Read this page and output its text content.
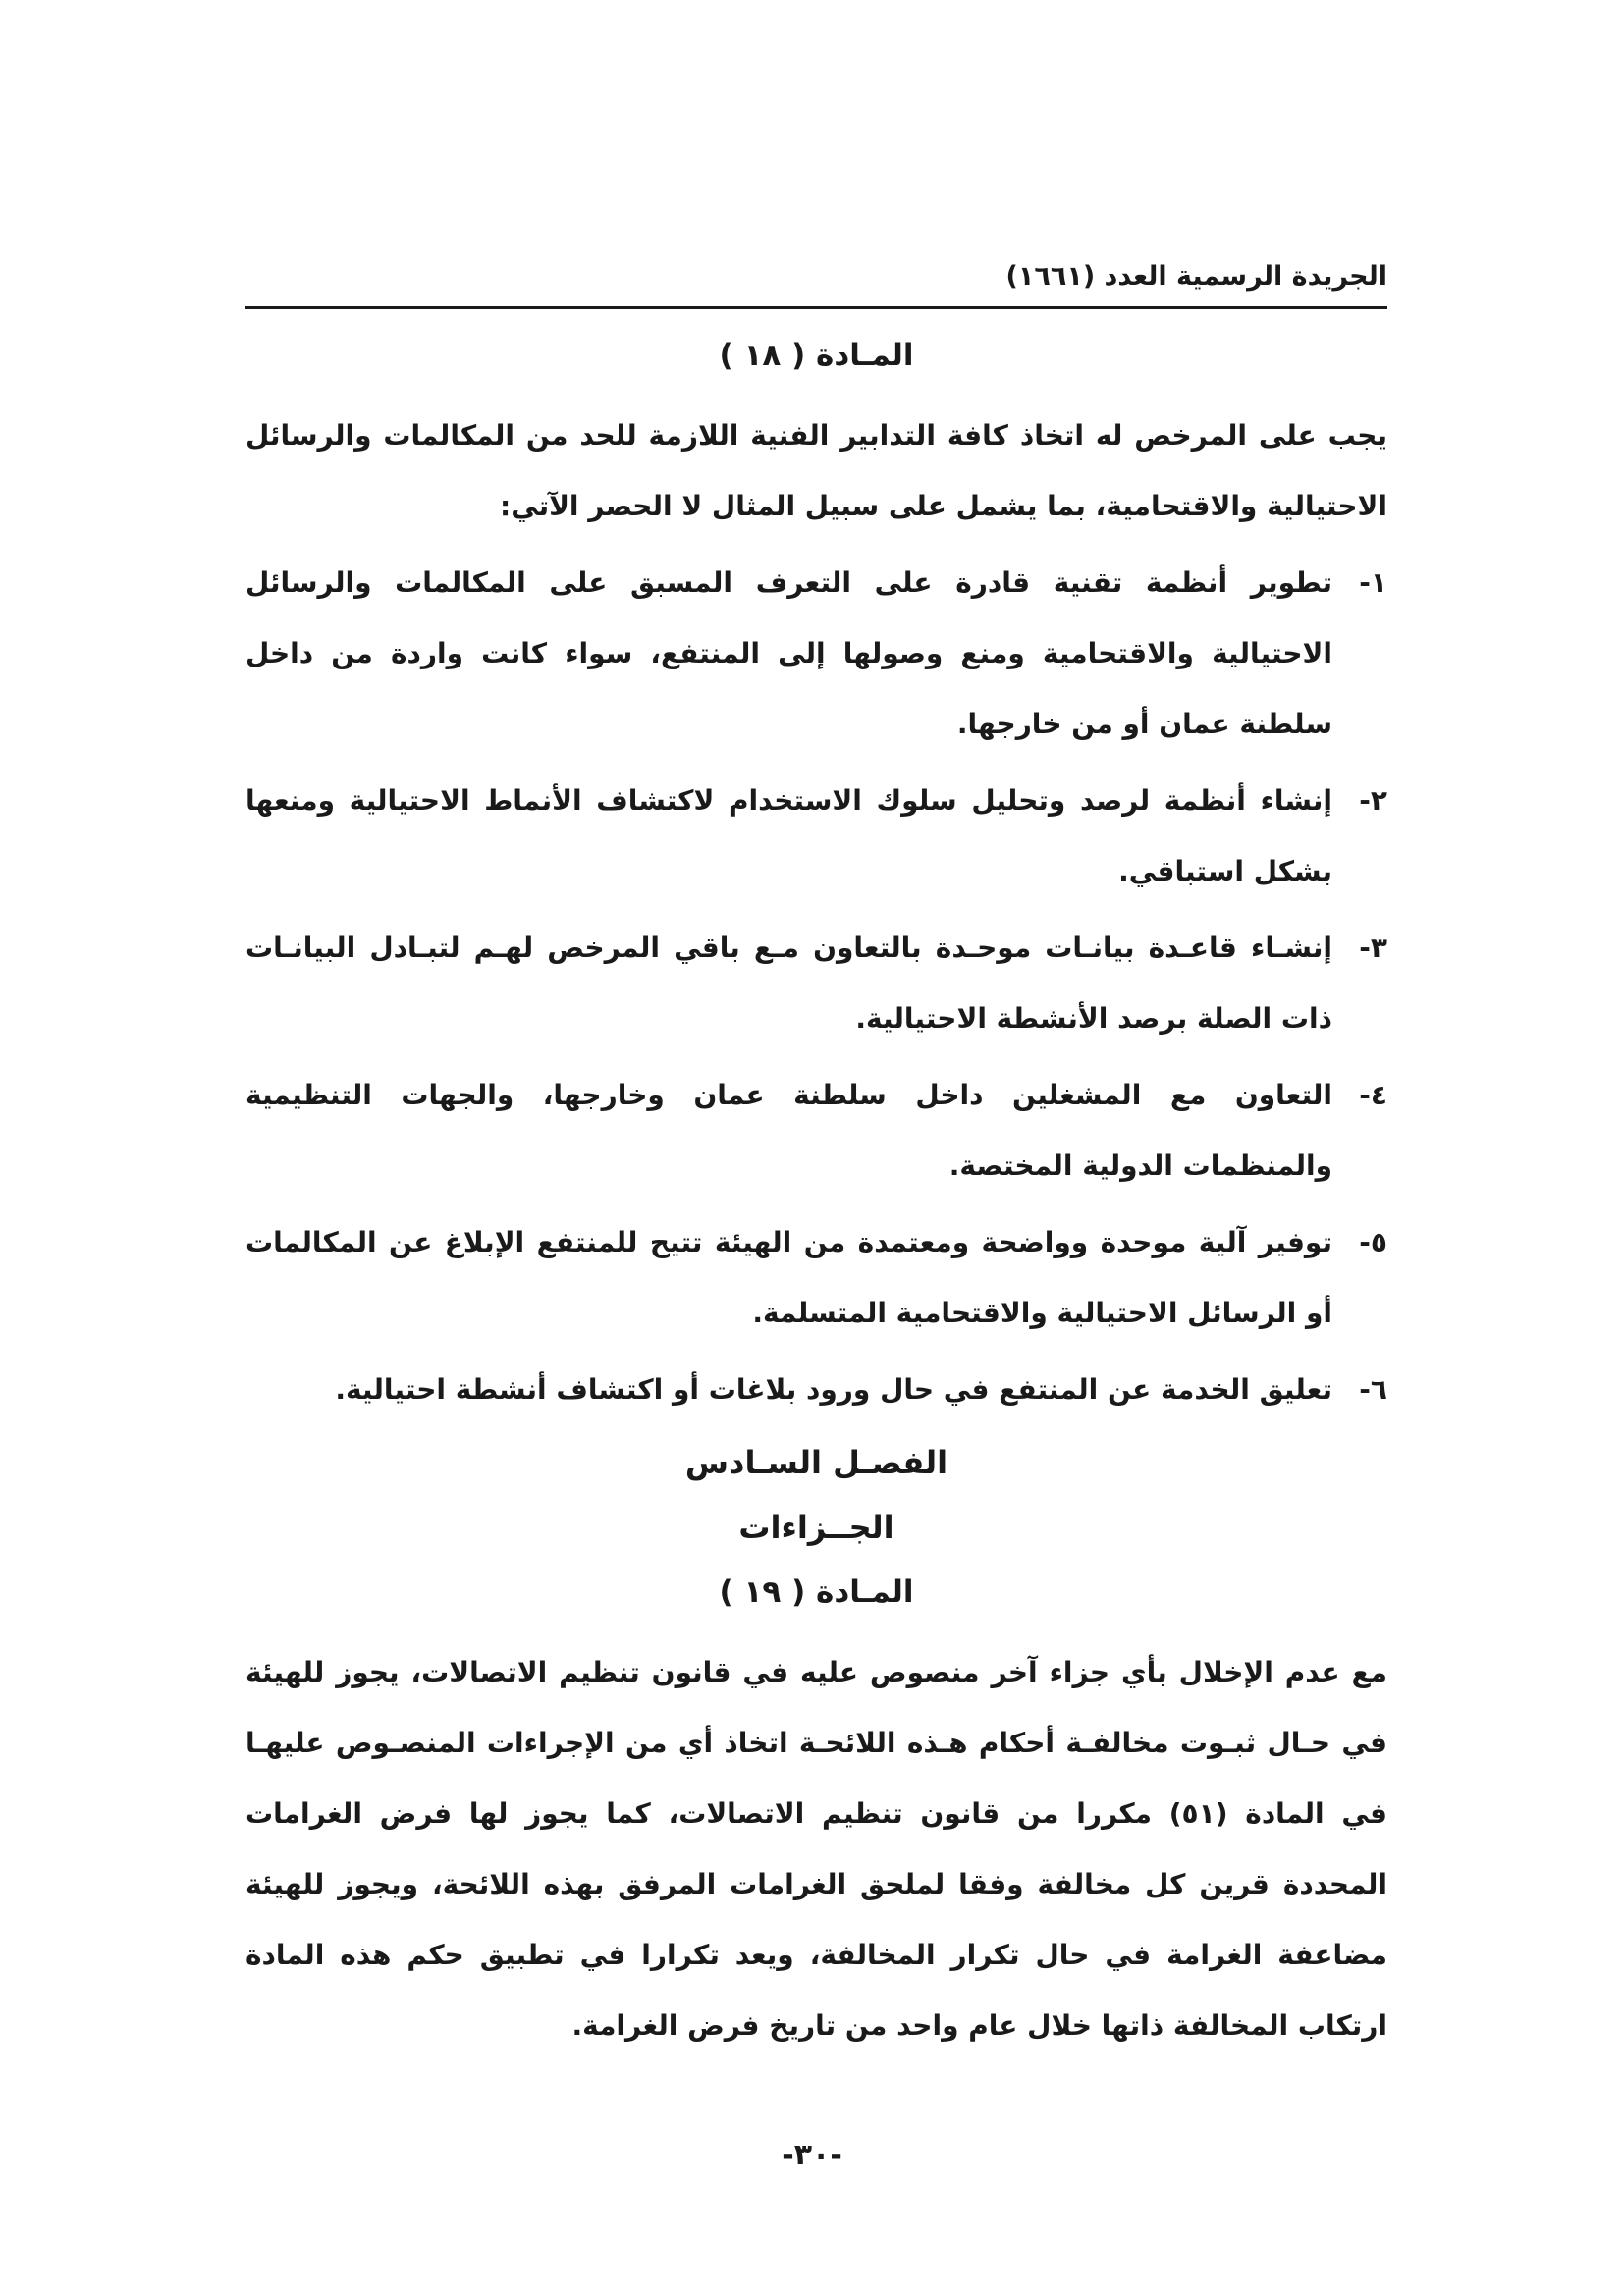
الجريدة الرسمية العدد (١٦٦١)
المـادة ( ١٨ )

يجب على المرخص له اتخاذ كافة التدابير الفنية اللازمة للحد من المكالمات والرسائل الاحتيالية والاقتحامية، بما يشمل على سبيل المثال لا الحصر الآتي:

١-
تطوير أنظمة تقنية قادرة على التعرف المسبق على المكالمات والرسائل الاحتيالية والاقتحامية ومنع وصولها إلى المنتفع، سواء كانت واردة من داخل سلطنة عمان أو من خارجها.
٢-
إنشاء أنظمة لرصد وتحليل سلوك الاستخدام لاكتشاف الأنماط الاحتيالية ومنعها بشكل استباقي.
٣-
إنشـاء قاعـدة بيانـات موحـدة بالتعاون مـع باقي المرخص لهـم لتبـادل البيانـات ذات الصلة برصد الأنشطة الاحتيالية.
٤-
التعاون مع المشغلين داخل سلطنة عمان وخارجها، والجهات التنظيمية والمنظمات الدولية المختصة.
٥-
توفير آلية موحدة وواضحة ومعتمدة من الهيئة تتيح للمنتفع الإبلاغ عن المكالمات أو الرسائل الاحتيالية والاقتحامية المتسلمة.
٦-
تعليق الخدمة عن المنتفع في حال ورود بلاغات أو اكتشاف أنشطة احتيالية.
الفصـل السـادس
الجــزاءات
المـادة ( ١٩ )

مع عدم الإخلال بأي جزاء آخر منصوص عليه في قانون تنظيم الاتصالات، يجوز للهيئة في حـال ثبـوت مخالفـة أحكام هـذه اللائحـة اتخاذ أي من الإجراءات المنصـوص عليهـا في المادة (٥١) مكررا من قانون تنظيم الاتصالات، كما يجوز لها فرض الغرامات المحددة قرين كل مخالفة وفقا لملحق الغرامات المرفق بهذه اللائحة، ويجوز للهيئة مضاعفة الغرامة في حال تكرار المخالفة، ويعد تكرارا في تطبيق حكم هذه المادة ارتكاب المخالفة ذاتها خلال عام واحد من تاريخ فرض الغرامة.

-٣٠-
